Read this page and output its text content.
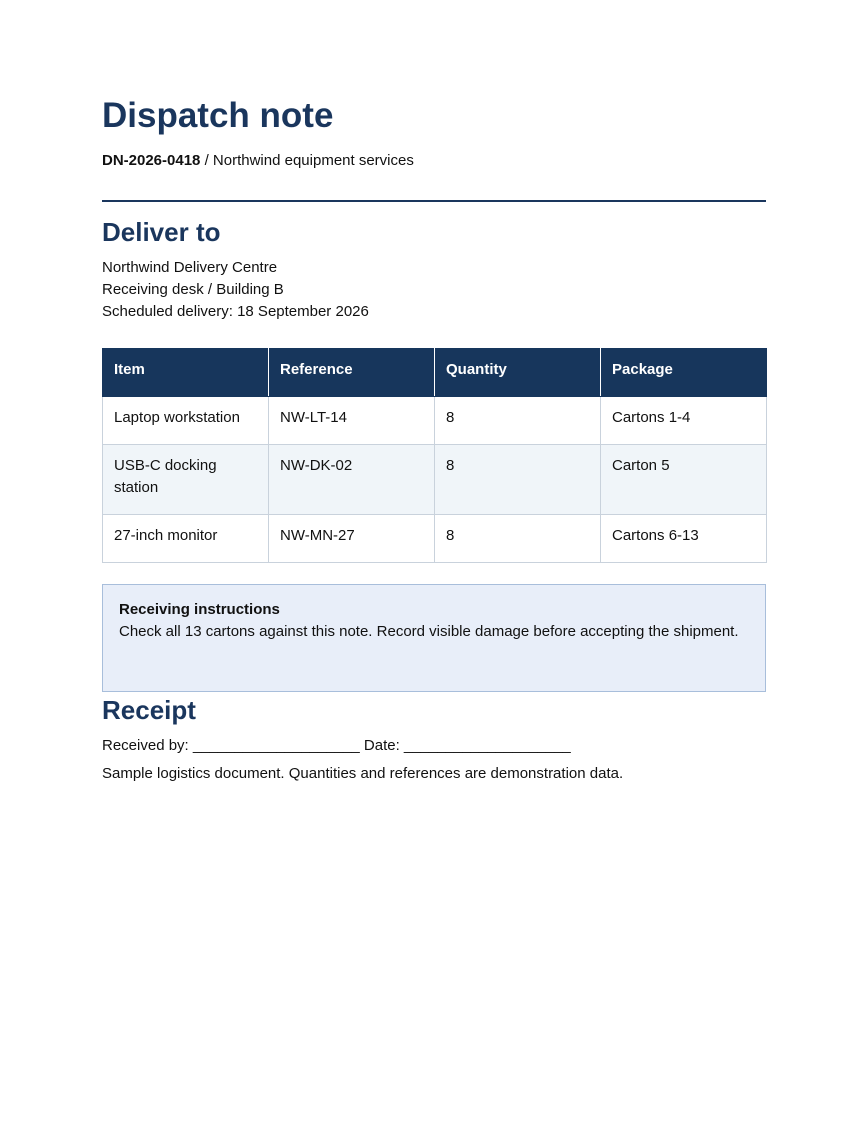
Dispatch note
DN-2026-0418 / Northwind equipment services
Deliver to
Northwind Delivery Centre
Receiving desk / Building B
Scheduled delivery: 18 September 2026
Item	Reference	Quantity	Package
Laptop workstation	NW-LT-14	8	Cartons 1-4
USB-C docking station	NW-DK-02	8	Carton 5
27-inch monitor	NW-MN-27	8	Cartons 6-13
Receiving instructions
Check all 13 cartons against this note. Record visible damage before accepting the shipment.
Receipt
Received by: ____________________ Date: ____________________
Sample logistics document. Quantities and references are demonstration data.
